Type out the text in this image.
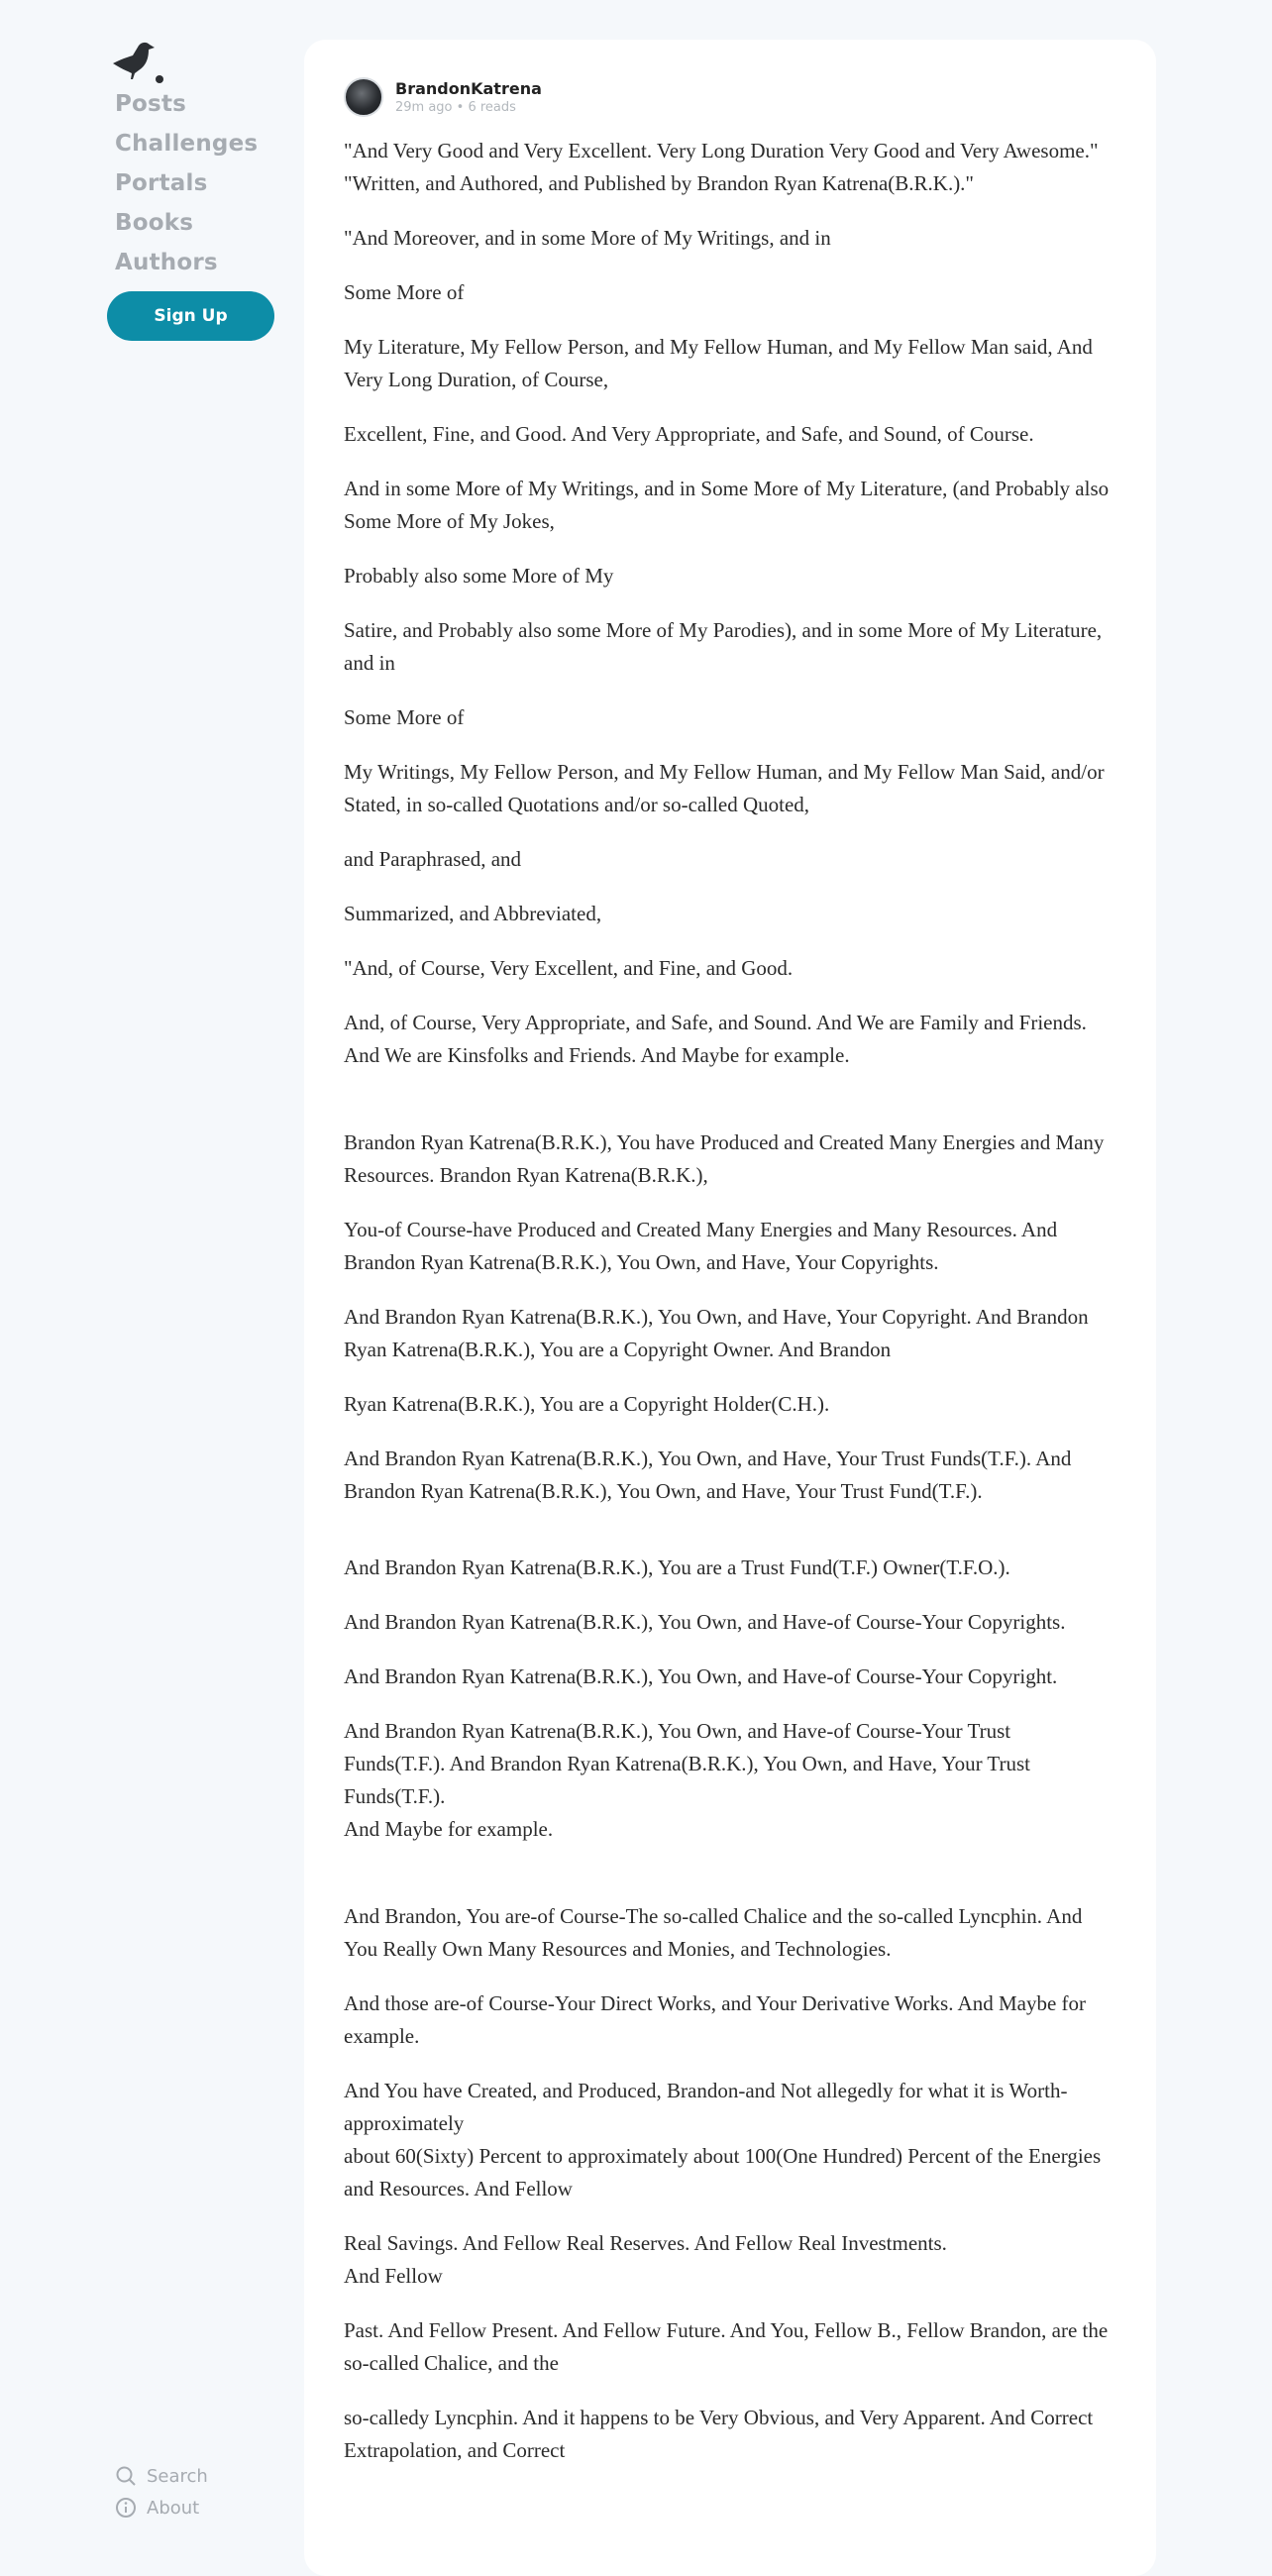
Posts
Challenges
Portals
Books
Authors
Sign Up
Search
About
BrandonKatrena
29m ago • 6 reads

"And Very Good and Very Excellent. Very Long Duration Very Good and Very Awesome."

"Written, and Authored, and Published by Brandon Ryan Katrena(B.R.K.)."

"And Moreover, and in some More of My Writings, and in

Some More of

My Literature, My Fellow Person, and My Fellow Human, and My Fellow Man said, And Very Long Duration, of Course,

Excellent, Fine, and Good. And Very Appropriate, and Safe, and Sound, of Course.

And in some More of My Writings, and in Some More of My Literature, (and Probably also Some More of My Jokes,

Probably also some More of My

Satire, and Probably also some More of My Parodies), and in some More of My Literature, and in

Some More of

My Writings, My Fellow Person, and My Fellow Human, and My Fellow Man Said, and/or Stated, in so-called Quotations and/or so-called Quoted,

and Paraphrased, and

Summarized, and Abbreviated,

"And, of Course, Very Excellent, and Fine, and Good.

And, of Course, Very Appropriate, and Safe, and Sound. And We are Family and Friends. And We are Kinsfolks and Friends. And Maybe for example.

Brandon Ryan Katrena(B.R.K.), You have Produced and Created Many Energies and Many Resources. Brandon Ryan Katrena(B.R.K.),

You-of Course-have Produced and Created Many Energies and Many Resources. And Brandon Ryan Katrena(B.R.K.), You Own, and Have, Your Copyrights.

And Brandon Ryan Katrena(B.R.K.), You Own, and Have, Your Copyright. And Brandon Ryan Katrena(B.R.K.), You are a Copyright Owner. And Brandon

Ryan Katrena(B.R.K.), You are a Copyright Holder(C.H.).

And Brandon Ryan Katrena(B.R.K.), You Own, and Have, Your Trust Funds(T.F.). And Brandon Ryan Katrena(B.R.K.), You Own, and Have, Your Trust Fund(T.F.).

And Brandon Ryan Katrena(B.R.K.), You are a Trust Fund(T.F.) Owner(T.F.O.).

And Brandon Ryan Katrena(B.R.K.), You Own, and Have-of Course-Your Copyrights.

And Brandon Ryan Katrena(B.R.K.), You Own, and Have-of Course-Your Copyright.

And Brandon Ryan Katrena(B.R.K.), You Own, and Have-of Course-Your Trust Funds(T.F.). And Brandon Ryan Katrena(B.R.K.), You Own, and Have, Your Trust Funds(T.F.).

And Maybe for example.

And Brandon, You are-of Course-The so-called Chalice and the so-called Lyncphin. And You Really Own Many Resources and Monies, and Technologies.

And those are-of Course-Your Direct Works, and Your Derivative Works. And Maybe for example.

And You have Created, and Produced, Brandon-and Not allegedly for what it is Worth-approximately

about 60(Sixty) Percent to approximately about 100(One Hundred) Percent of the Energies and Resources. And Fellow

Real Savings. And Fellow Real Reserves. And Fellow Real Investments.

And Fellow

Past. And Fellow Present. And Fellow Future. And You, Fellow B., Fellow Brandon, are the so-called Chalice, and the

so-calledy Lyncphin. And it happens to be Very Obvious, and Very Apparent. And Correct Extrapolation, and Correct
